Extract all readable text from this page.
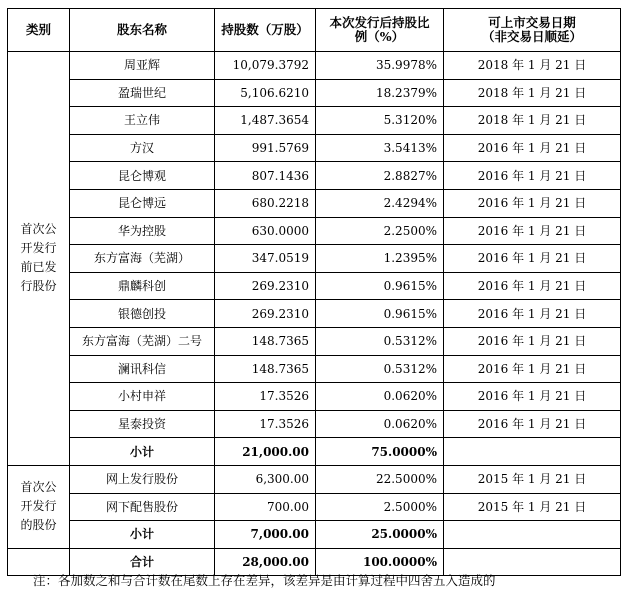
类别	股东名称	持股数（万股）	本次发行后持股比
例（%）	可上市交易日期
（非交易日顺延）

首次公
开发行
前已发
行股份	周亚辉	10,079.3792	35.9978%	2018 年 1 月 21 日
	盈瑞世纪	5,106.6210	18.2379%	2018 年 1 月 21 日
	王立伟	1,487.3654	5.3120%	2018 年 1 月 21 日
	方汉	991.5769	3.5413%	2016 年 1 月 21 日
	昆仑博观	807.1436	2.8827%	2016 年 1 月 21 日
	昆仑博远	680.2218	2.4294%	2016 年 1 月 21 日
	华为控股	630.0000	2.2500%	2016 年 1 月 21 日
	东方富海（芜湖）	347.0519	1.2395%	2016 年 1 月 21 日
	鼎麟科创	269.2310	0.9615%	2016 年 1 月 21 日
	银德创投	269.2310	0.9615%	2016 年 1 月 21 日
	东方富海（芜湖）二号	148.7365	0.5312%	2016 年 1 月 21 日
	澜讯科信	148.7365	0.5312%	2016 年 1 月 21 日
	小村申祥	17.3526	0.0620%	2016 年 1 月 21 日
	星泰投资	17.3526	0.0620%	2016 年 1 月 21 日
	小计	21,000.00	75.0000%	

首次公
开发行
的股份	网上发行股份	6,300.00	22.5000%	2015 年 1 月 21 日
	网下配售股份	700.00	2.5000%	2015 年 1 月 21 日
	小计	7,000.00	25.0000%	
	合计	28,000.00	100.0000%	
注：各加数之和与合计数在尾数上存在差异，该差异是由计算过程中四舍五入造成的
